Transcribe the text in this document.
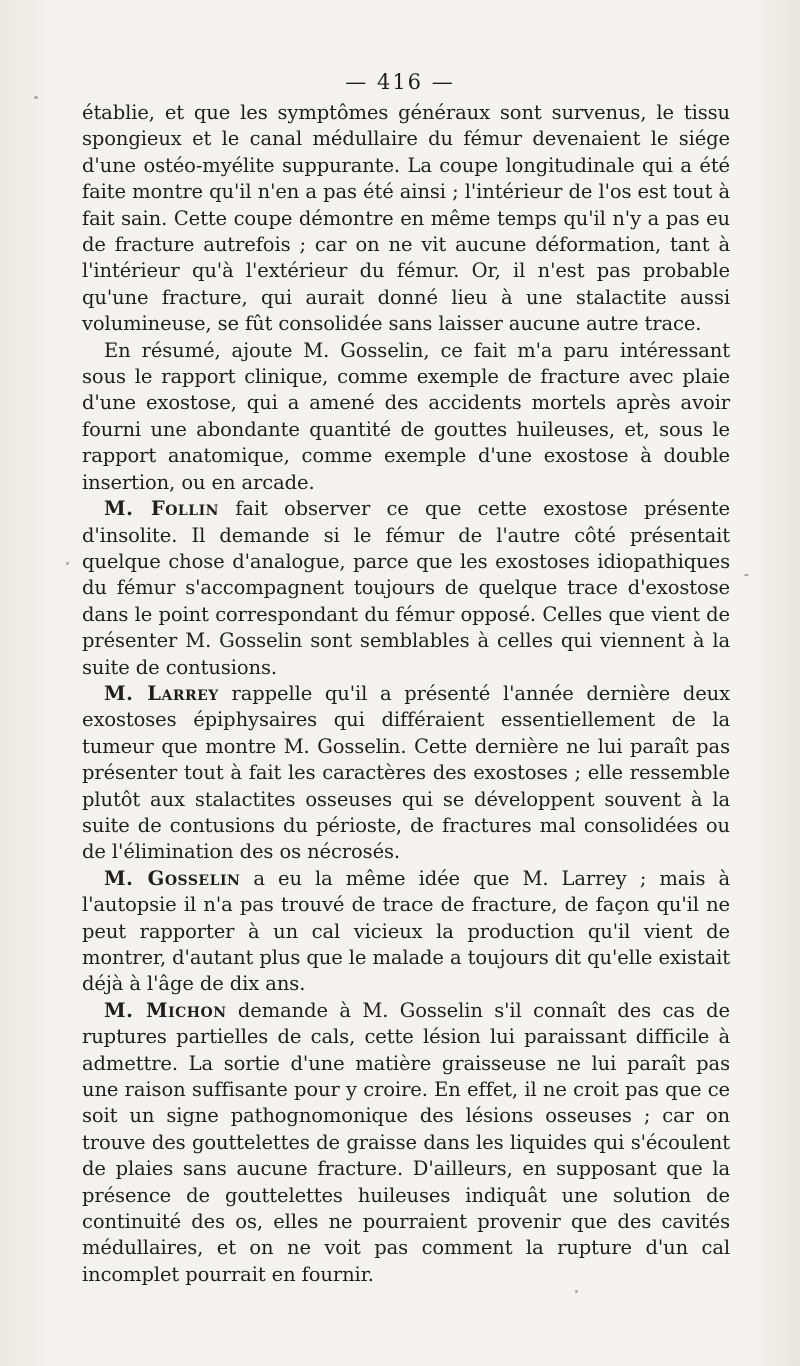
— 416 —

établie, et que les symptômes généraux sont survenus, le tissu spongieux et le canal médullaire du fémur devenaient le siége d'une ostéo-myélite suppurante. La coupe longitudinale qui a été faite montre qu'il n'en a pas été ainsi ; l'intérieur de l'os est tout à fait sain. Cette coupe démontre en même temps qu'il n'y a pas eu de fracture autrefois ; car on ne vit aucune déformation, tant à l'intérieur qu'à l'extérieur du fémur. Or, il n'est pas probable qu'une fracture, qui aurait donné lieu à une stalactite aussi volumineuse, se fût consolidée sans laisser aucune autre trace.

En résumé, ajoute M. Gosselin, ce fait m'a paru intéressant sous le rapport clinique, comme exemple de fracture avec plaie d'une exostose, qui a amené des accidents mortels après avoir fourni une abondante quantité de gouttes huileuses, et, sous le rapport anatomique, comme exemple d'une exostose à double insertion, ou en arcade.

M. Follin fait observer ce que cette exostose présente d'insolite. Il demande si le fémur de l'autre côté présentait quelque chose d'analogue, parce que les exostoses idiopathiques du fémur s'accompagnent toujours de quelque trace d'exostose dans le point correspondant du fémur opposé. Celles que vient de présenter M. Gosselin sont semblables à celles qui viennent à la suite de contusions.

M. Larrey rappelle qu'il a présenté l'année dernière deux exostoses épiphysaires qui différaient essentiellement de la tumeur que montre M. Gosselin. Cette dernière ne lui paraît pas présenter tout à fait les caractères des exostoses ; elle ressemble plutôt aux stalactites osseuses qui se développent souvent à la suite de contusions du périoste, de fractures mal consolidées ou de l'élimination des os nécrosés.

M. Gosselin a eu la même idée que M. Larrey ; mais à l'autopsie il n'a pas trouvé de trace de fracture, de façon qu'il ne peut rapporter à un cal vicieux la production qu'il vient de montrer, d'autant plus que le malade a toujours dit qu'elle existait déjà à l'âge de dix ans.

M. Michon demande à M. Gosselin s'il connaît des cas de ruptures partielles de cals, cette lésion lui paraissant difficile à admettre. La sortie d'une matière graisseuse ne lui paraît pas une raison suffisante pour y croire. En effet, il ne croit pas que ce soit un signe pathognomonique des lésions osseuses ; car on trouve des gouttelettes de graisse dans les liquides qui s'écoulent de plaies sans aucune fracture. D'ailleurs, en supposant que la présence de gouttelettes huileuses indiquât une solution de continuité des os, elles ne pourraient provenir que des cavités médullaires, et on ne voit pas comment la rupture d'un cal incomplet pourrait en fournir.
